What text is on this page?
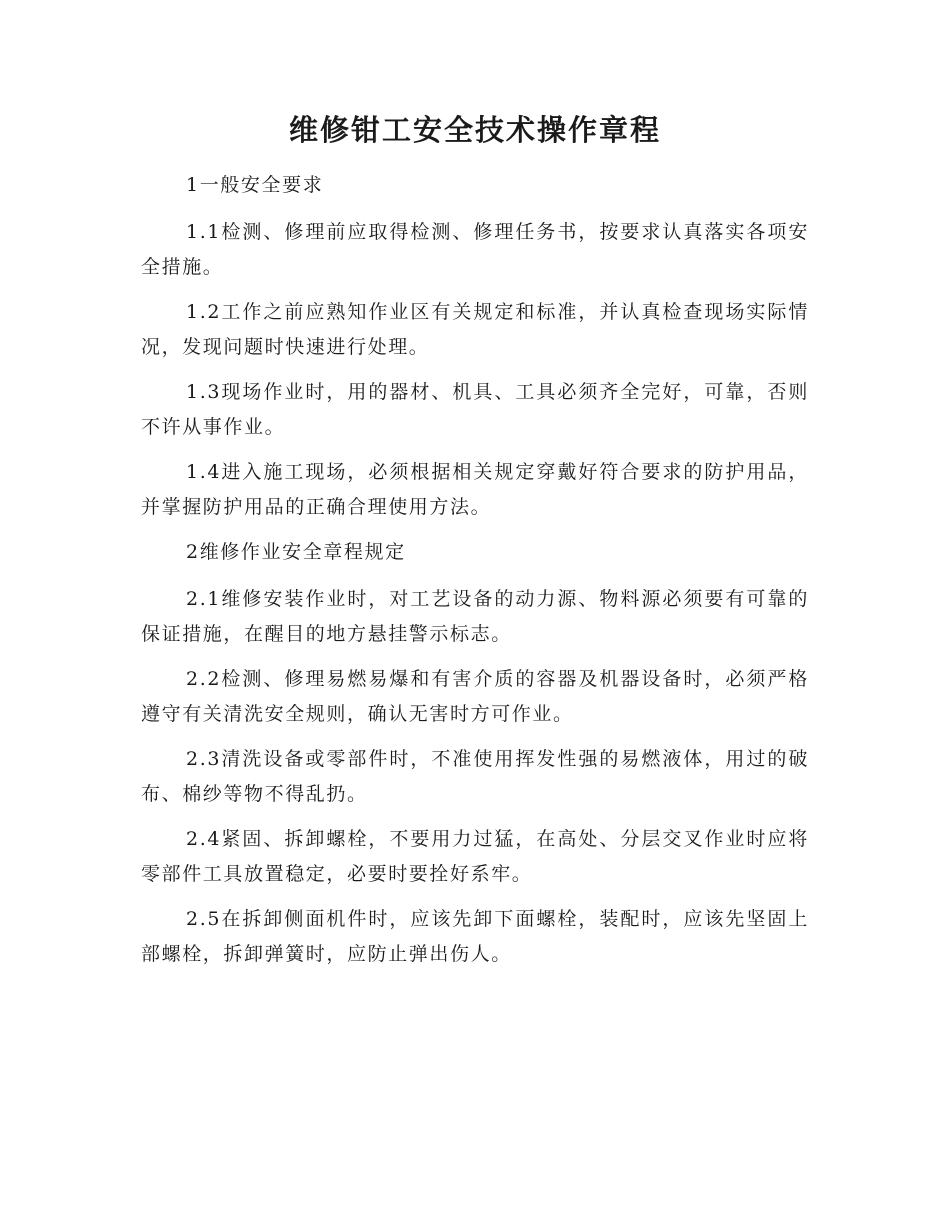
维修钳工安全技术操作章程

1一般安全要求

1.1检测、修理前应取得检测、修理任务书，按要求认真落实各项安全措施。

1.2工作之前应熟知作业区有关规定和标准，并认真检查现场实际情况，发现问题时快速进行处理。

1.3现场作业时，用的器材、机具、工具必须齐全完好，可靠，否则不许从事作业。

1.4进入施工现场，必须根据相关规定穿戴好符合要求的防护用品，并掌握防护用品的正确合理使用方法。

2维修作业安全章程规定

2.1维修安装作业时，对工艺设备的动力源、物料源必须要有可靠的保证措施，在醒目的地方悬挂警示标志。

2.2检测、修理易燃易爆和有害介质的容器及机器设备时，必须严格遵守有关清洗安全规则，确认无害时方可作业。

2.3清洗设备或零部件时，不准使用挥发性强的易燃液体，用过的破布、棉纱等物不得乱扔。

2.4紧固、拆卸螺栓，不要用力过猛，在高处、分层交叉作业时应将零部件工具放置稳定，必要时要拴好系牢。

2.5在拆卸侧面机件时，应该先卸下面螺栓，装配时，应该先坚固上部螺栓，拆卸弹簧时，应防止弹出伤人。
